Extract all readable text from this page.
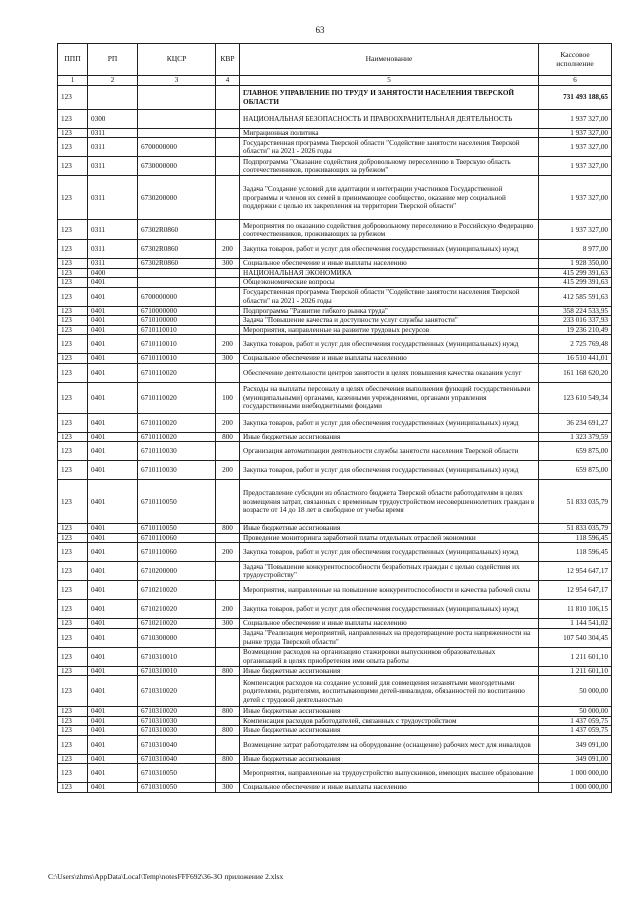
63
ППП	РП	КЦСР	КВР	Наименование	Кассовое исполнение
1	2	3	4	5	6
123				ГЛАВНОЕ УПРАВЛЕНИЕ ПО ТРУДУ И ЗАНЯТОСТИ НАСЕЛЕНИЯ ТВЕРСКОЙ ОБЛАСТИ	731 493 188,65
123	0300			НАЦИОНАЛЬНАЯ БЕЗОПАСНОСТЬ И ПРАВООХРАНИТЕЛЬНАЯ ДЕЯТЕЛЬНОСТЬ	1 937 327,00
123	0311			Миграционная политика	1 937 327,00
123	0311	6700000000		Государственная программа Тверской области "Содействие занятости населения Тверской области" на 2021 - 2026 годы	1 937 327,00
123	0311	6730000000		Подпрограмма "Оказание содействия добровольному переселению в Тверскую область соотечественников, проживающих за рубежом"	1 937 327,00
123	0311	6730200000		Задача "Создание условий для адаптации и интеграции участников Государственной программы и членов их семей в принимающее сообщество, оказание мер социальной поддержки с целью их закрепления на территории Тверской области"	1 937 327,00
123	0311	67302R0860		Мероприятия по оказанию содействия добровольному переселению в Российскую Федерацию соотечественников, проживающих за рубежом	1 937 327,00
123	0311	67302R0860	200	Закупка товаров, работ и услуг для обеспечения государственных (муниципальных) нужд	8 977,00
123	0311	67302R0860	300	Социальное обеспечение и иные выплаты населению	1 928 350,00
123	0400			НАЦИОНАЛЬНАЯ ЭКОНОМИКА	415 299 391,63
123	0401			Общеэкономические вопросы	415 299 391,63
123	0401	6700000000		Государственная программа Тверской области "Содействие занятости населения Тверской области" на 2021 - 2026 годы	412 585 591,63
123	0401	6710000000		Подпрограмма "Развитие гибкого рынка труда"	358 224 533,95
123	0401	6710100000		Задача "Повышение качества и доступности услуг службы занятости"	233 016 337,93
123	0401	6710110010		Мероприятия, направленные на развитие трудовых ресурсов	19 236 210,49
123	0401	6710110010	200	Закупка товаров, работ и услуг для обеспечения государственных (муниципальных) нужд	2 725 769,48
123	0401	6710110010	300	Социальное обеспечение и иные выплаты населению	16 510 441,01
123	0401	6710110020		Обеспечение деятельности центров занятости в целях повышения качества оказания услуг	161 168 620,20
123	0401	6710110020	100	Расходы на выплаты персоналу в целях обеспечения выполнения функций государственными (муниципальными) органами, казенными учреждениями, органами управления государственными внебюджетными фондами	123 610 549,34
123	0401	6710110020	200	Закупка товаров, работ и услуг для обеспечения государственных (муниципальных) нужд	36 234 691,27
123	0401	6710110020	800	Иные бюджетные ассигнования	1 323 379,59
123	0401	6710110030		Организация автоматизации деятельности службы занятости населения Тверской области	659 875,00
123	0401	6710110030	200	Закупка товаров, работ и услуг для обеспечения государственных (муниципальных) нужд	659 875,00
123	0401	6710110050		Предоставление субсидии из областного бюджета Тверской области работодателям в целях возмещения затрат, связанных с временным трудоустройством несовершеннолетних граждан в возрасте от 14 до 18 лет в свободное от учебы время	51 833 035,79
123	0401	6710110050	800	Иные бюджетные ассигнования	51 833 035,79
123	0401	6710110060		Проведение мониторинга заработной платы отдельных отраслей экономики	118 596,45
123	0401	6710110060	200	Закупка товаров, работ и услуг для обеспечения государственных (муниципальных) нужд	118 596,45
123	0401	6710200000		Задача "Повышение конкурентоспособности безработных граждан с целью содействия их трудоустройству"	12 954 647,17
123	0401	6710210020		Мероприятия, направленные на повышение конкурентоспособности и качества рабочей силы	12 954 647,17
123	0401	6710210020	200	Закупка товаров, работ и услуг для обеспечения государственных (муниципальных) нужд	11 810 106,15
123	0401	6710210020	300	Социальное обеспечение и иные выплаты населению	1 144 541,02
123	0401	6710300000		Задача "Реализация мероприятий, направленных на предотвращение роста напряженности на рынке труда Тверской области"	107 540 304,45
123	0401	6710310010		Возмещение расходов на организацию стажировки выпускников образовательных организаций в целях приобретения ими опыта работы	1 211 601,10
123	0401	6710310010	800	Иные бюджетные ассигнования	1 211 601,10
123	0401	6710310020		Компенсация расходов на создание условий для совмещения незанятыми многодетными родителями, родителями, воспитывающими детей-инвалидов, обязанностей по воспитанию детей с трудовой деятельностью	50 000,00
123	0401	6710310020	800	Иные бюджетные ассигнования	50 000,00
123	0401	6710310030		Компенсация расходов работодателей, связанных с трудоустройством	1 437 059,75
123	0401	6710310030	800	Иные бюджетные ассигнования	1 437 059,75
123	0401	6710310040		Возмещение затрат работодателям на оборудование (оснащение) рабочих мест для инвалидов	349 091,00
123	0401	6710310040	800	Иные бюджетные ассигнования	349 091,00
123	0401	6710310050		Мероприятия, направленные на трудоустройство выпускников, имеющих высшее образование	1 000 000,00
123	0401	6710310050	300	Социальное обеспечение и иные выплаты населению	1 000 000,00
C:\Users\zhms\AppData\Local\Temp\notesFFF692\36-ЗО приложение 2.xlsx
